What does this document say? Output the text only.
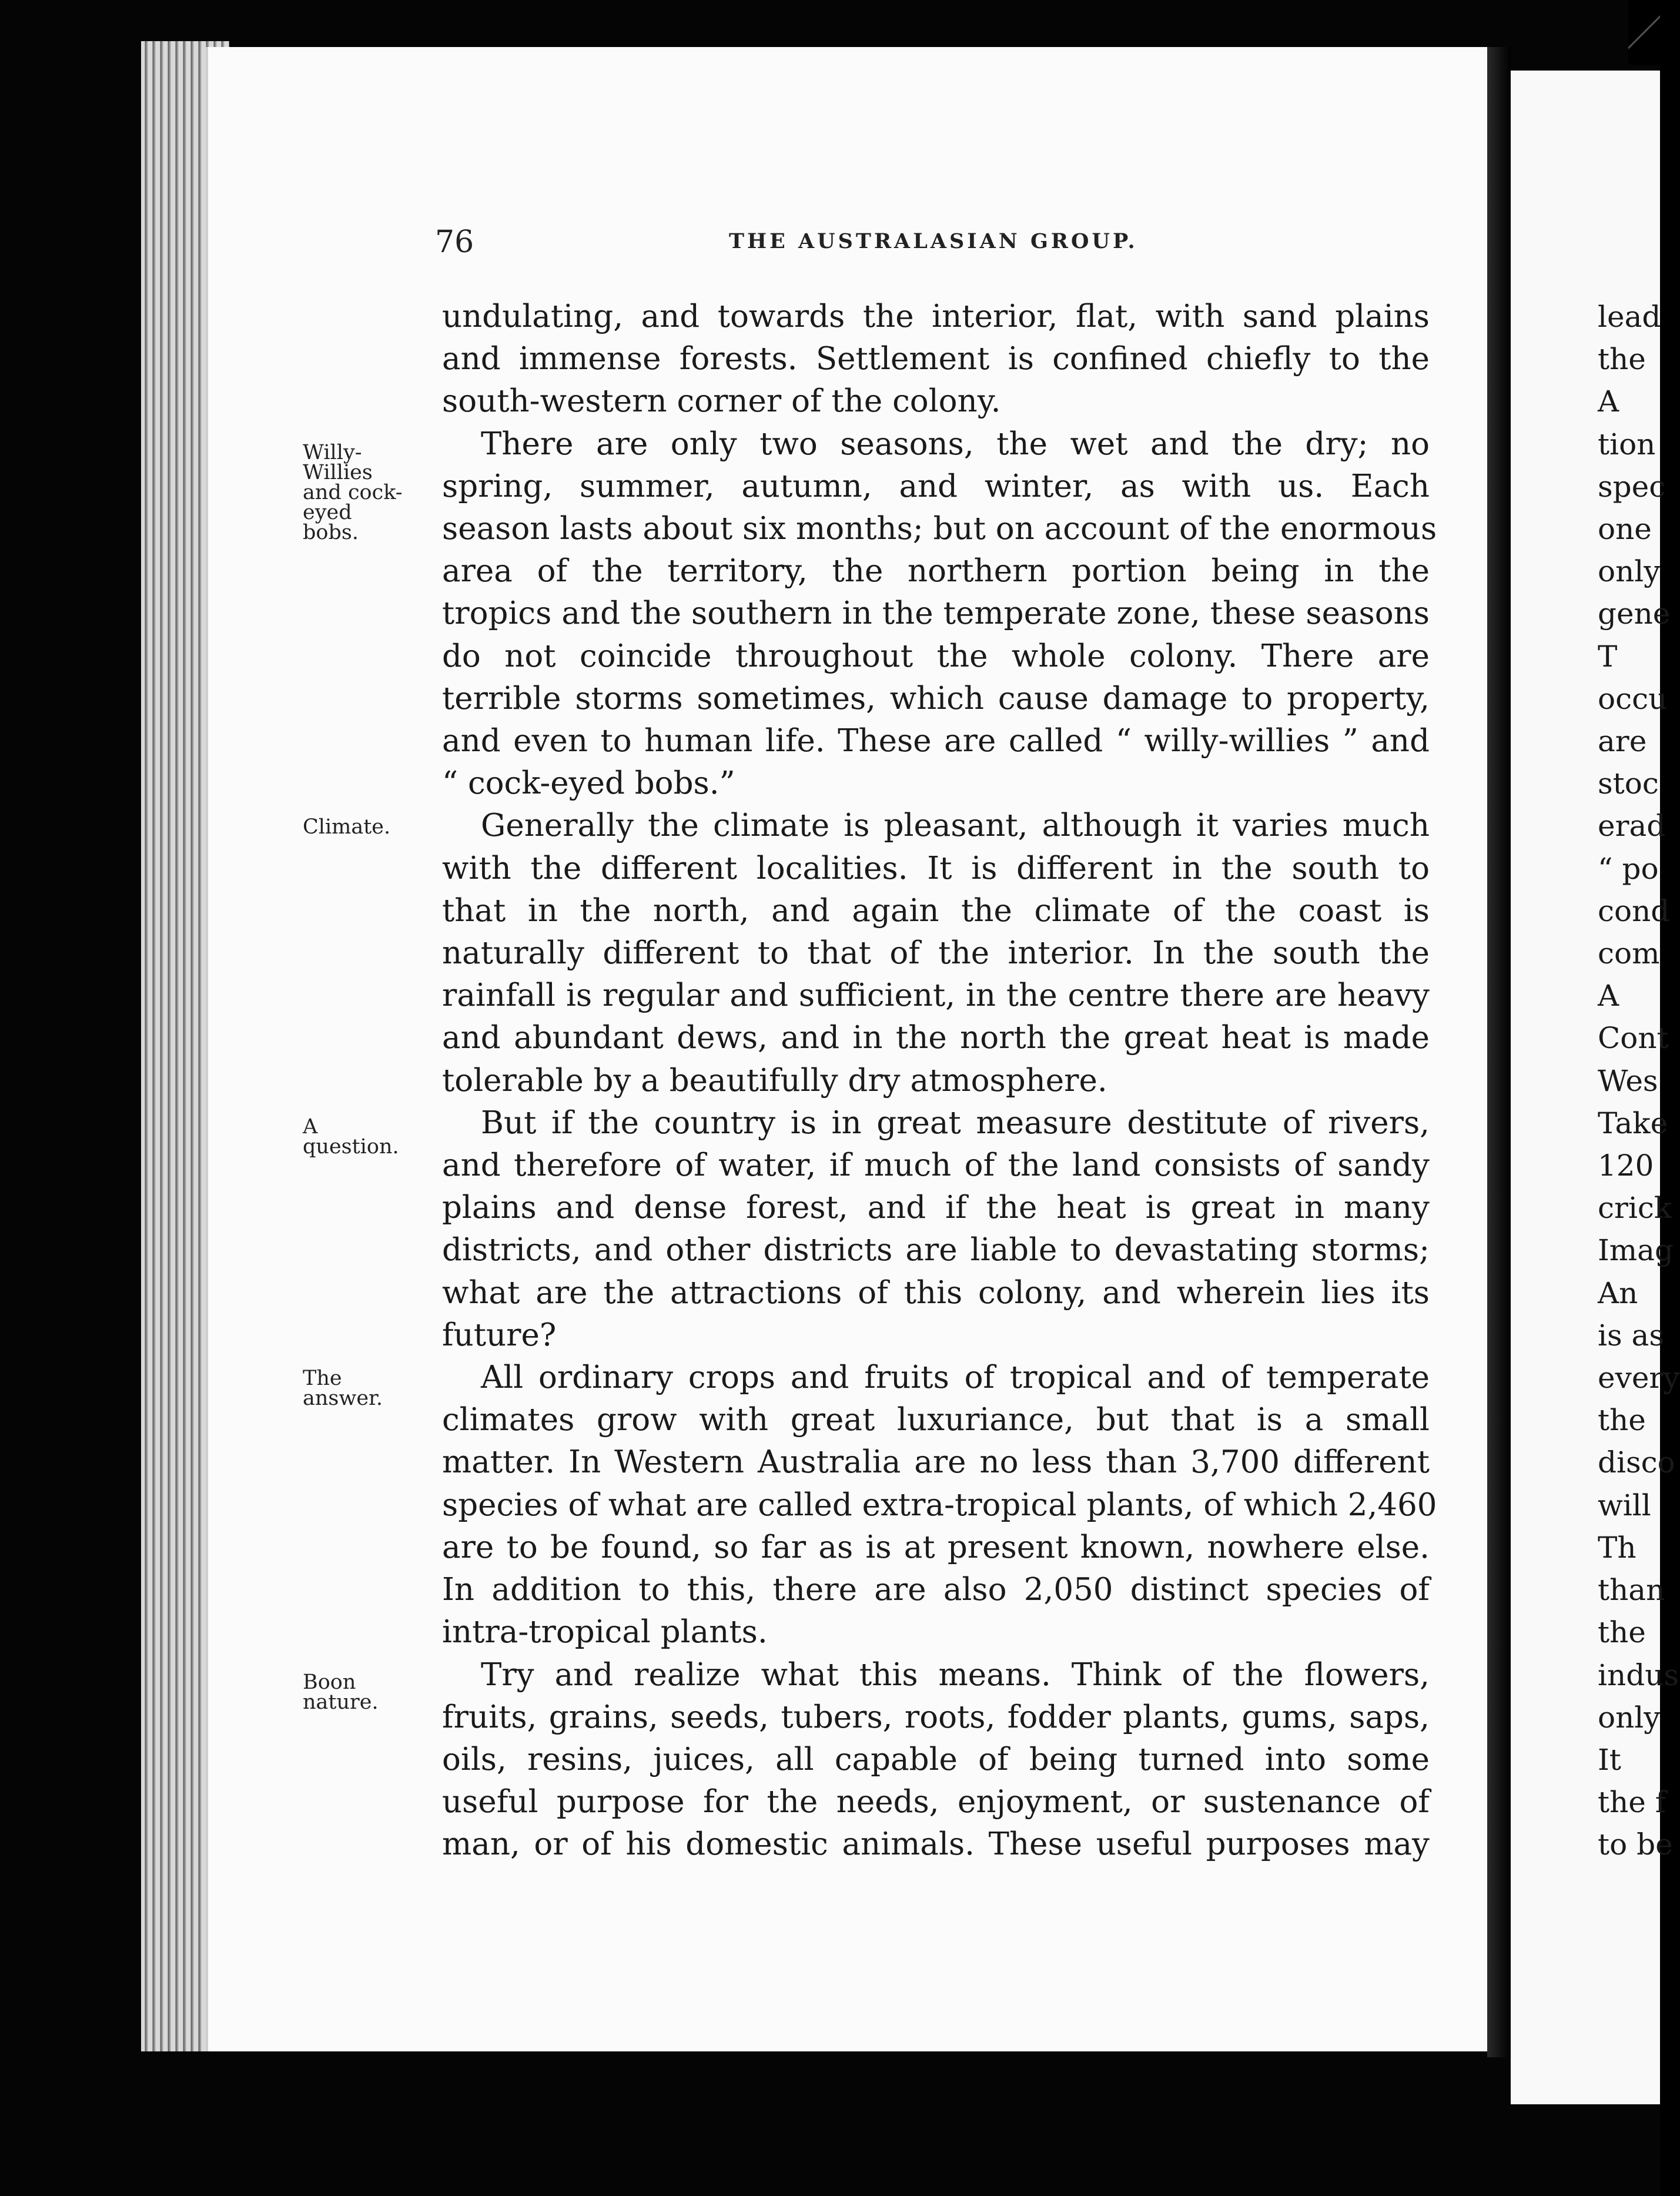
76	THE AUSTRALASIAN GROUP.

undulating, and towards the interior, flat, with sand plains
and immense forests. Settlement is confined chiefly to the
south-western corner of the colony.

There are only two seasons, the wet and the dry; no
spring, summer, autumn, and winter, as with us. Each
season lasts about six months; but on account of the enormous
area of the territory, the northern portion being in the
tropics and the southern in the temperate zone, these seasons
do not coincide throughout the whole colony. There are
terrible storms sometimes, which cause damage to property,
and even to human life. These are called “ willy-willies ” and
“ cock-eyed bobs.”

Generally the climate is pleasant, although it varies much
with the different localities. It is different in the south to
that in the north, and again the climate of the coast is
naturally different to that of the interior. In the south the
rainfall is regular and sufficient, in the centre there are heavy
and abundant dews, and in the north the great heat is made
tolerable by a beautifully dry atmosphere.

But if the country is in great measure destitute of rivers,
and therefore of water, if much of the land consists of sandy
plains and dense forest, and if the heat is great in many
districts, and other districts are liable to devastating storms;
what are the attractions of this colony, and wherein lies its
future?

All ordinary crops and fruits of tropical and of temperate
climates grow with great luxuriance, but that is a small
matter. In Western Australia are no less than 3,700 different
species of what are called extra-tropical plants, of which 2,460
are to be found, so far as is at present known, nowhere else.
In addition to this, there are also 2,050 distinct species of
intra-tropical plants.

Try and realize what this means. Think of the flowers,
fruits, grains, seeds, tubers, roots, fodder plants, gums, saps,
oils, resins, juices, all capable of being turned into some
useful purpose for the needs, enjoyment, or sustenance of
man, or of his domestic animals. These useful purposes may

Willy-
Willies
and cock-
eyed
bobs.
Climate.
A
question.
The
answer.
Boon
nature.
lead
the
A
tion
spec
one
only
gene
T
occu
are
stoc
erad
“ po
cond
com
A
Cont
Wes
Take
120
crick
Imag
An
is as
every
the
disco
will
Th
than
the
indus
only
It
the f
to be
